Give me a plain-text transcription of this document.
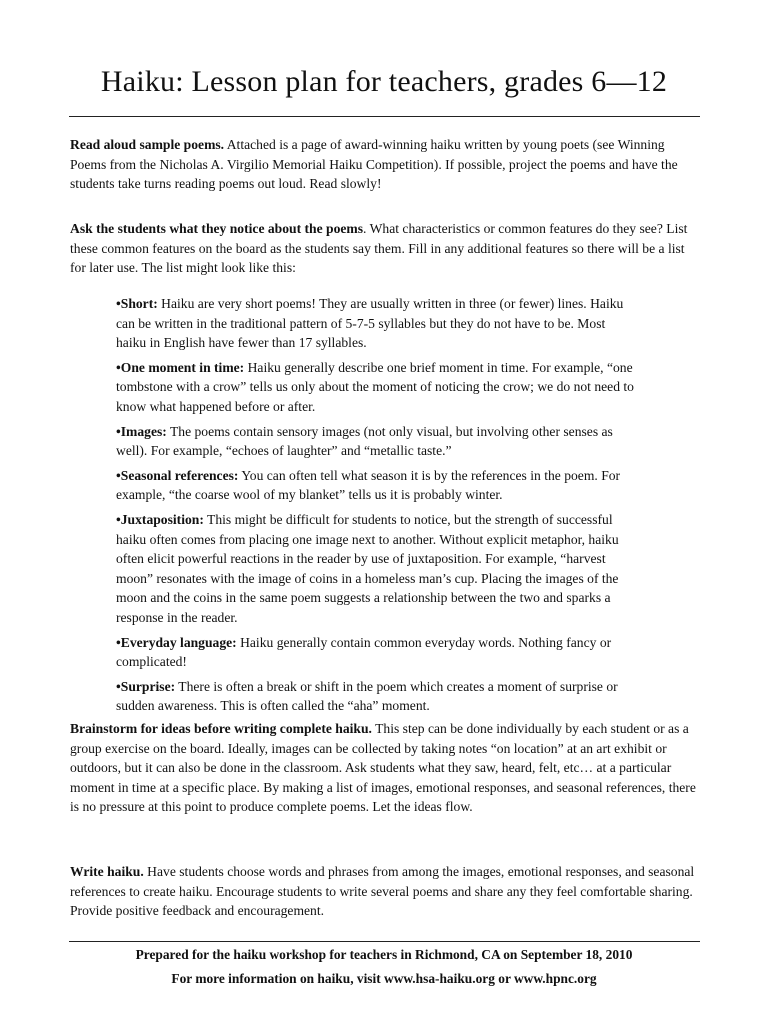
Haiku: Lesson plan for teachers, grades 6—12

Read aloud sample poems. Attached is a page of award-winning haiku written by young poets (see Winning Poems from the Nicholas A. Virgilio Memorial Haiku Competition). If possible, project the poems and have the students take turns reading poems out loud. Read slowly!

Ask the students what they notice about the poems. What characteristics or common features do they see? List these common features on the board as the students say them. Fill in any additional features so there will be a list for later use. The list might look like this:

•Short: Haiku are very short poems! They are usually written in three (or fewer) lines. Haiku can be written in the traditional pattern of 5-7-5 syllables but they do not have to be. Most haiku in English have fewer than 17 syllables.
•One moment in time: Haiku generally describe one brief moment in time. For example, “one tombstone with a crow” tells us only about the moment of noticing the crow; we do not need to know what happened before or after.
•Images: The poems contain sensory images (not only visual, but involving other senses as well). For example, “echoes of laughter” and “metallic taste.”
•Seasonal references: You can often tell what season it is by the references in the poem. For example, “the coarse wool of my blanket” tells us it is probably winter.
•Juxtaposition: This might be difficult for students to notice, but the strength of successful haiku often comes from placing one image next to another. Without explicit metaphor, haiku often elicit powerful reactions in the reader by use of juxtaposition. For example, “harvest moon” resonates with the image of coins in a homeless man’s cup. Placing the images of the moon and the coins in the same poem suggests a relationship between the two and sparks a response in the reader.
•Everyday language: Haiku generally contain common everyday words. Nothing fancy or complicated!
•Surprise: There is often a break or shift in the poem which creates a moment of surprise or sudden awareness. This is often called the “aha” moment.

Brainstorm for ideas before writing complete haiku. This step can be done individually by each student or as a group exercise on the board. Ideally, images can be collected by taking notes “on location” at an art exhibit or outdoors, but it can also be done in the classroom. Ask students what they saw, heard, felt, etc… at a particular moment in time at a specific place. By making a list of images, emotional responses, and seasonal references, there is no pressure at this point to produce complete poems. Let the ideas flow.

Write haiku. Have students choose words and phrases from among the images, emotional responses, and seasonal references to create haiku. Encourage students to write several poems and share any they feel comfortable sharing. Provide positive feedback and encouragement.

Prepared for the haiku workshop for teachers in Richmond, CA on September 18, 2010

For more information on haiku, visit www.hsa-haiku.org or www.hpnc.org
